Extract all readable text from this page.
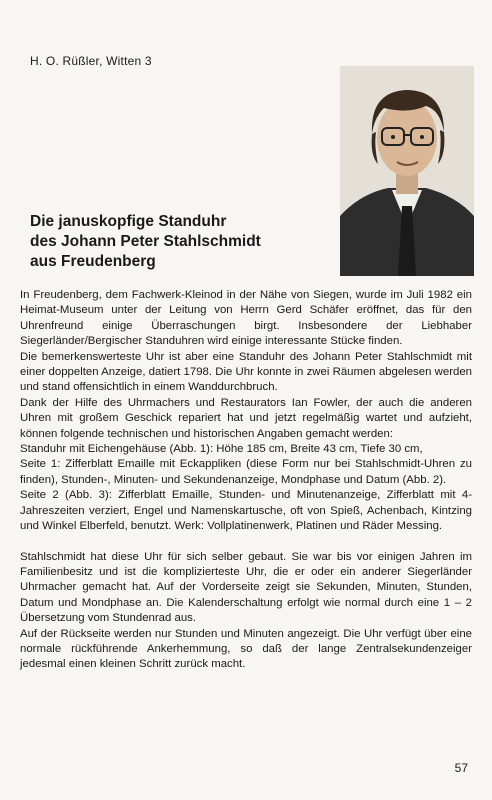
H. O. Rüßler, Witten 3
Die januskopfige Standuhr
des Johann Peter Stahlschmidt
aus Freudenberg

In Freudenberg, dem Fachwerk-Kleinod in der Nähe von Siegen, wurde im Juli 1982 ein Heimat-Museum unter der Leitung von Herrn Gerd Schäfer eröffnet, das für den Uhrenfreund einige Überraschungen birgt. Insbesondere der Liebhaber Siegerländer/Bergischer Standuhren wird einige interessante Stücke finden.

Die bemerkenswerteste Uhr ist aber eine Standuhr des Johann Peter Stahlschmidt mit einer doppelten Anzeige, datiert 1798. Die Uhr konnte in zwei Räumen abgelesen werden und stand offensichtlich in einem Wanddurchbruch.

Dank der Hilfe des Uhrmachers und Restaurators Ian Fowler, der auch die anderen Uhren mit großem Geschick repariert hat und jetzt regelmäßig wartet und aufzieht, können folgende technischen und historischen Angaben gemacht werden:

Standuhr mit Eichengehäuse (Abb. 1): Höhe 185 cm, Breite 43 cm, Tiefe 30 cm,

Seite 1: Zifferblatt Emaille mit Eckappliken (diese Form nur bei Stahlschmidt-Uhren zu finden), Stunden-, Minuten- und Sekundenanzeige, Mondphase und Datum (Abb. 2).

Seite 2 (Abb. 3): Zifferblatt Emaille, Stunden- und Minutenanzeige, Zifferblatt mit 4-Jahreszeiten verziert, Engel und Namenskartusche, oft von Spieß, Achenbach, Kintzing und Winkel Elberfeld, benutzt. Werk: Vollplatinenwerk, Platinen und Räder Messing.

Stahlschmidt hat diese Uhr für sich selber gebaut. Sie war bis vor einigen Jahren im Familienbesitz und ist die komplizierteste Uhr, die er oder ein anderer Siegerländer Uhrmacher gemacht hat. Auf der Vorderseite zeigt sie Sekunden, Minuten, Stunden, Datum und Mondphase an. Die Kalenderschaltung erfolgt wie normal durch eine 1 – 2 Übersetzung vom Stundenrad aus.

Auf der Rückseite werden nur Stunden und Minuten angezeigt. Die Uhr verfügt über eine normale rückführende Ankerhemmung, so daß der lange Zentralsekundenzeiger jedesmal einen kleinen Schritt zurück macht.

57
